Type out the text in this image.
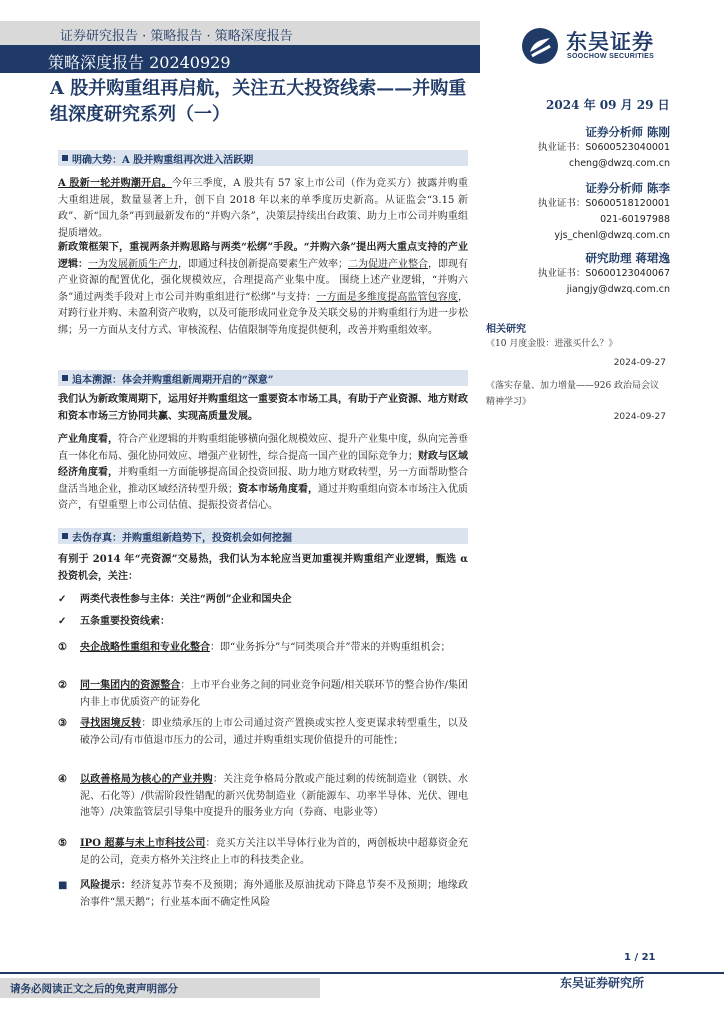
证券研究报告 · 策略报告 · 策略深度报告
策略深度报告 20240929
东吴证券
SOOCHOW SECURITIES
A 股并购重组再启航，关注五大投资线索——并购重组深度研究系列（一）	2024 年 09 月 29 日
证券分析师 陈刚
执业证书：S0600523040001
cheng@dwzq.com.cn
证券分析师 陈李
执业证书：S0600518120001
021-60197988
yjs_chenl@dwzq.com.cn
研究助理 蒋珺逸
执业证书：S0600123040067
jiangjy@dwzq.com.cn
相关研究
《10 月度金股：进涨买什么？》
2024-09-27
《落实存量、加力增量——926 政治局会议精神学习》
2024-09-27
明确大势：A 股并购重组再次进入活跃期
A 股新一轮并购潮开启。今年三季度，A 股共有 57 家上市公司（作为竞买方）披露并购重大重组进展，数量显著上升，创下自 2018 年以来的单季度历史新高。从证监会“3.15 新政”、新“国九条”再到最新发布的“并购六条”，决策层持续出台政策、助力上市公司并购重组提质增效。
新政策框架下，重视两条并购思路与两类“松绑”手段。“并购六条”提出两大重点支持的产业逻辑：一为发展新质生产力，即通过科技创新提高要素生产效率；二为促进产业整合，即现有产业资源的配置优化，强化规模效应，合理提高产业集中度。 围绕上述产业逻辑，“并购六条”通过两类手段对上市公司并购重组进行“松绑”与支持：一方面是多维度提高监管包容度，对跨行业并购、未盈利资产收购，以及可能形成同业竞争及关联交易的并购重组行为进一步松绑；另一方面从支付方式、审核流程、估值限制等角度提供便利，改善并购重组效率。
追本溯源：体会并购重组新周期开启的“深意”
我们认为新政策周期下，运用好并购重组这一重要资本市场工具，有助于产业资源、地方财政和资本市场三方协同共赢、实现高质量发展。
产业角度看，符合产业逻辑的并购重组能够横向强化规模效应、提升产业集中度，纵向完善垂直一体化布局、强化协同效应、增强产业韧性，综合提高一国产业的国际竞争力；财政与区域经济角度看，并购重组一方面能够提高国企投资回报、助力地方财政转型，另一方面帮助整合盘活当地企业，推动区域经济转型升级；资本市场角度看，通过并购重组向资本市场注入优质资产，有望重塑上市公司估值、提振投资者信心。
去伪存真：并购重组新趋势下，投资机会如何挖掘
有别于 2014 年“壳资源”交易热，我们认为本轮应当更加重视并购重组产业逻辑，甄选 α 投资机会，关注：
✓	两类代表性参与主体：关注“两创”企业和国央企
✓	五条重要投资线索：
①	央企战略性重组和专业化整合：即“业务拆分”与“同类项合并”带来的并购重组机会；
②	同一集团内的资源整合：上市平台业务之间的同业竞争问题/相关联环节的整合协作/集团内非上市优质资产的证券化
③	寻找困境反转：即业绩承压的上市公司通过资产置换或实控人变更谋求转型重生，以及破净公司/有市值退市压力的公司，通过并购重组实现价值提升的可能性；
④	以政善格局为核心的产业并购：关注竞争格局分散或产能过剩的传统制造业（钢铁、水泥、石化等）/供需阶段性错配的新兴优势制造业（新能源车、功率半导体、光伏、锂电池等）/决策监管层引导集中度提升的服务业方向（券商、电影业等）
⑤	IPO 超募与未上市科技公司：竞买方关注以半导体行业为首的，两创板块中超募资金充足的公司，竞卖方格外关注终止上市的科技类企业。
■	风险提示：经济复苏节奏不及预期；海外通胀及原油扰动下降息节奏不及预期；地缘政治事件“黑天鹅”；行业基本面不确定性风险
1 / 21
请务必阅读正文之后的免责声明部分	东吴证券研究所
